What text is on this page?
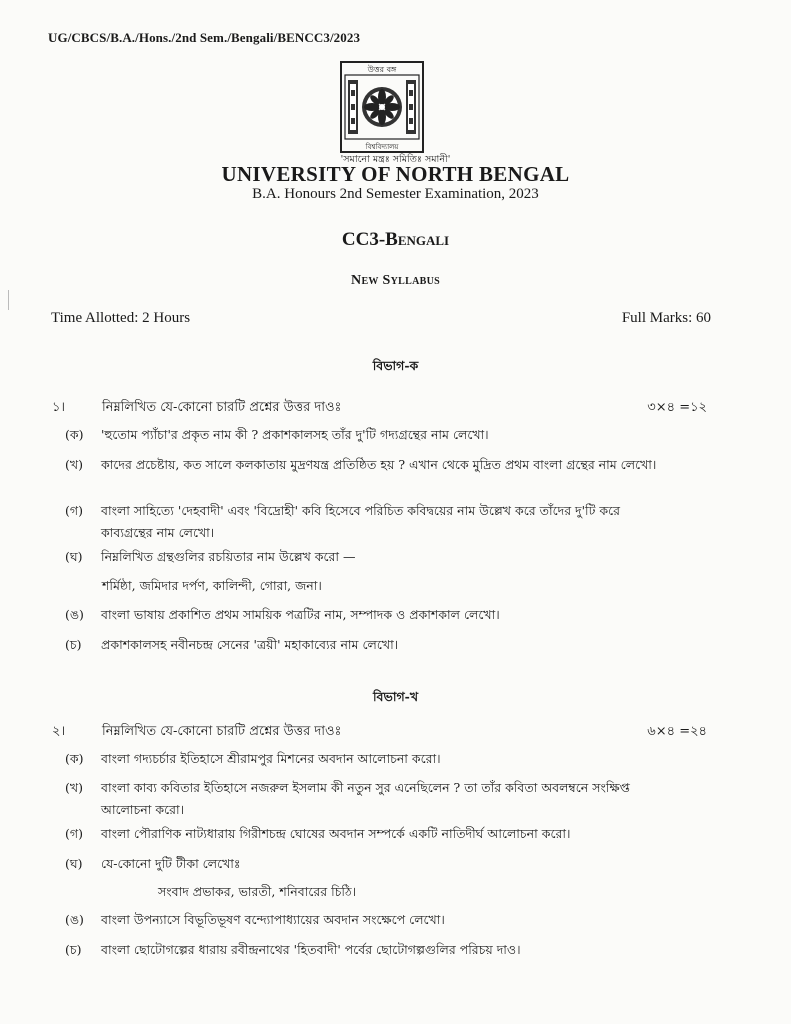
UG/CBCS/B.A./Hons./2nd Sem./Bengali/BENCC3/2023
উত্তর বঙ্গ
বিশ্ববিদ্যালয়
'সমানো মন্ত্রঃ সমিতিঃ সমানী'
UNIVERSITY OF NORTH BENGAL
B.A. Honours 2nd Semester Examination, 2023
CC3-Bengali
New Syllabus
Time Allotted: 2 Hours	Full Marks: 60
বিভাগ-ক
১।	নিম্নলিখিত যে-কোনো চারটি প্রশ্নের উত্তর দাওঃ	৩×৪ =১২
(ক) 'হুতোম প্যাঁচা'র প্রকৃত নাম কী ? প্রকাশকালসহ তাঁর দু'টি গদ্যগ্রন্থের নাম লেখো।
(খ) কাদের প্রচেষ্টায়, কত সালে কলকাতায় মুদ্রণযন্ত্র প্রতিষ্ঠিত হয় ? এখান থেকে মুদ্রিত প্রথম বাংলা গ্রন্থের নাম লেখো।
(গ) বাংলা সাহিত্যে 'দেহবাদী' এবং 'বিদ্রোহী' কবি হিসেবে পরিচিত কবিদ্বয়ের নাম উল্লেখ করে তাঁদের দু'টি করে কাব্যগ্রন্থের নাম লেখো।
(ঘ) নিম্নলিখিত গ্রন্থগুলির রচয়িতার নাম উল্লেখ করো —
শর্মিষ্ঠা, জমিদার দর্পণ, কালিন্দী, গোরা, জনা।
(ঙ) বাংলা ভাষায় প্রকাশিত প্রথম সাময়িক পত্রটির নাম, সম্পাদক ও প্রকাশকাল লেখো।
(চ) প্রকাশকালসহ নবীনচন্দ্র সেনের 'ত্রয়ী' মহাকাব্যের নাম লেখো।
বিভাগ-খ
২।	নিম্নলিখিত যে-কোনো চারটি প্রশ্নের উত্তর দাওঃ	৬×৪ =২৪
(ক) বাংলা গদ্যচর্চার ইতিহাসে শ্রীরামপুর মিশনের অবদান আলোচনা করো।
(খ) বাংলা কাব্য কবিতার ইতিহাসে নজরুল ইসলাম কী নতুন সুর এনেছিলেন ? তা তাঁর কবিতা অবলম্বনে সংক্ষিপ্ত আলোচনা করো।
(গ) বাংলা পৌরাণিক নাট্যধারায় গিরীশচন্দ্র ঘোষের অবদান সম্পর্কে একটি নাতিদীর্ঘ আলোচনা করো।
(ঘ) যে-কোনো দুটি টীকা লেখোঃ
সংবাদ প্রভাকর, ভারতী, শনিবারের চিঠি।
(ঙ) বাংলা উপন্যাসে বিভূতিভূষণ বন্দ্যোপাধ্যায়ের অবদান সংক্ষেপে লেখো।
(চ) বাংলা ছোটোগল্পের ধারায় রবীন্দ্রনাথের 'হিতবাদী' পর্বের ছোটোগল্পগুলির পরিচয় দাও।
